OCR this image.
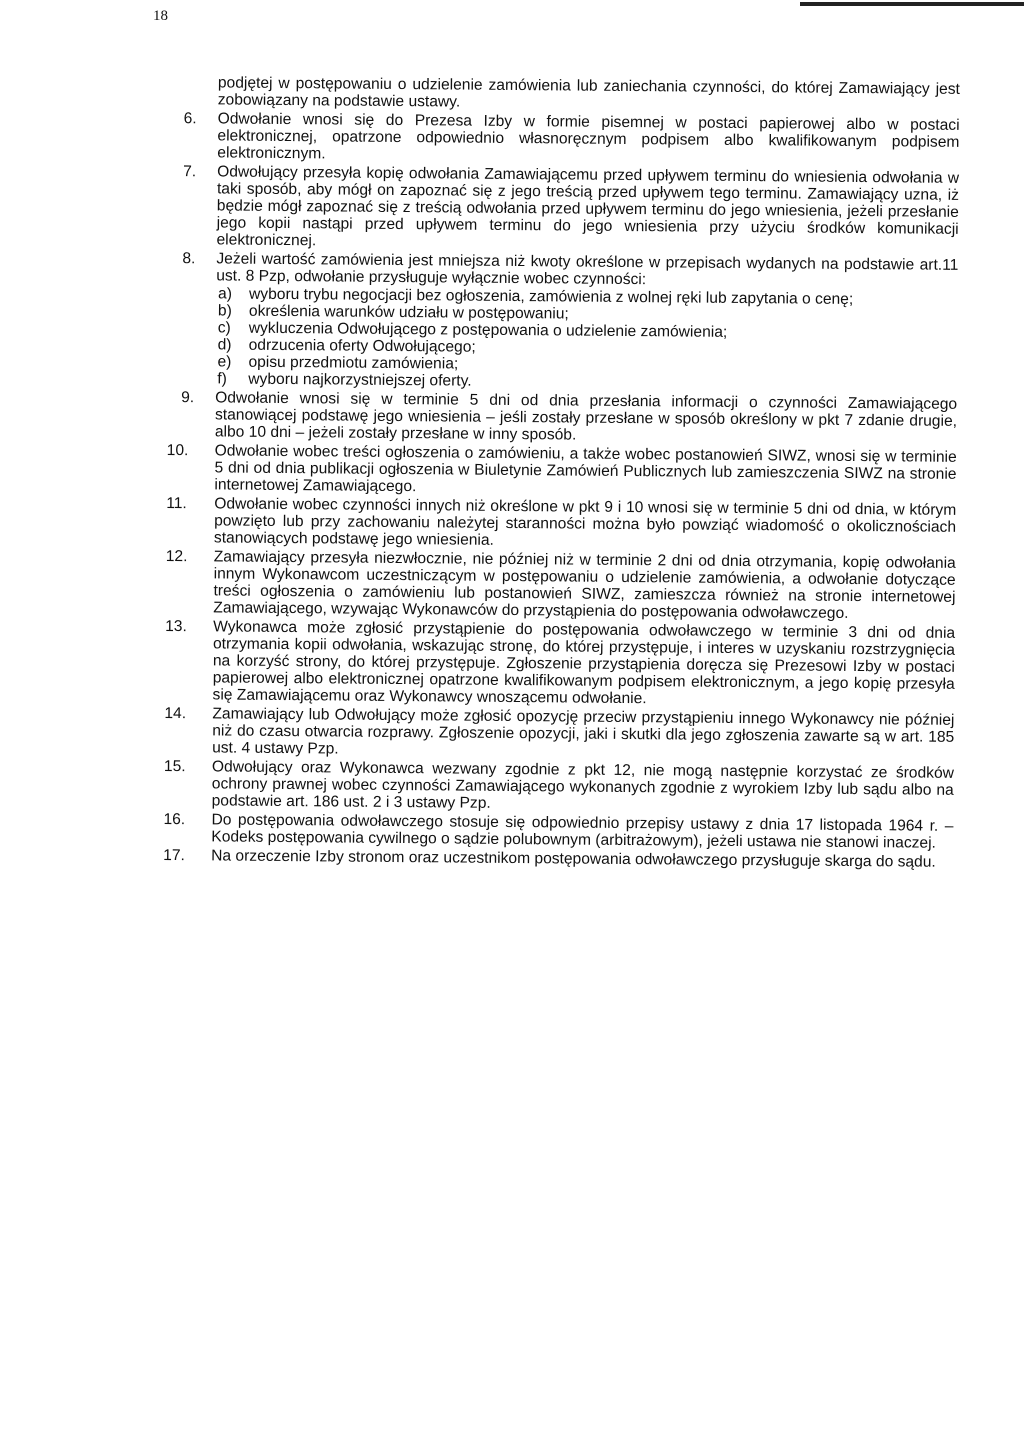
18

podjętej w postępowaniu o udzielenie zamówienia lub zaniechania czynności, do której Zamawiający jest zobowiązany na podstawie ustawy.

6.	Odwołanie wnosi się do Prezesa Izby w formie pisemnej w postaci papierowej albo w postaci elektronicznej, opatrzone odpowiednio własnoręcznym podpisem albo kwalifikowanym podpisem elektronicznym.

7.	Odwołujący przesyła kopię odwołania Zamawiającemu przed upływem terminu do wniesienia odwołania w taki sposób, aby mógł on zapoznać się z jego treścią przed upływem tego terminu. Zamawiający uzna, iż będzie mógł zapoznać się z treścią odwołania przed upływem terminu do jego wniesienia, jeżeli przesłanie jego kopii nastąpi przed upływem terminu do jego wniesienia przy użyciu środków komunikacji elektronicznej.

8.	Jeżeli wartość zamówienia jest mniejsza niż kwoty określone w przepisach wydanych na podstawie art.11 ust. 8 Pzp, odwołanie przysługuje wyłącznie wobec czynności:
a) wyboru trybu negocjacji bez ogłoszenia, zamówienia z wolnej ręki lub zapytania o cenę;
b) określenia warunków udziału w postępowaniu;
c) wykluczenia Odwołującego z postępowania o udzielenie zamówienia;
d) odrzucenia oferty Odwołującego;
e) opisu przedmiotu zamówienia;
f) wyboru najkorzystniejszej oferty.

9.	Odwołanie wnosi się w terminie 5 dni od dnia przesłania informacji o czynności Zamawiającego stanowiącej podstawę jego wniesienia – jeśli zostały przesłane w sposób określony w pkt 7 zdanie drugie, albo 10 dni – jeżeli zostały przesłane w inny sposób.

10.	Odwołanie wobec treści ogłoszenia o zamówieniu, a także wobec postanowień SIWZ, wnosi się w terminie 5 dni od dnia publikacji ogłoszenia w Biuletynie Zamówień Publicznych lub zamieszczenia SIWZ na stronie internetowej Zamawiającego.

11.	Odwołanie wobec czynności innych niż określone w pkt 9 i 10 wnosi się w terminie 5 dni od dnia, w którym powzięto lub przy zachowaniu należytej staranności można było powziąć wiadomość o okolicznościach stanowiących podstawę jego wniesienia.

12.	Zamawiający przesyła niezwłocznie, nie później niż w terminie 2 dni od dnia otrzymania, kopię odwołania innym Wykonawcom uczestniczącym w postępowaniu o udzielenie zamówienia, a odwołanie dotyczące treści ogłoszenia o zamówieniu lub postanowień SIWZ, zamieszcza również na stronie internetowej Zamawiającego, wzywając Wykonawców do przystąpienia do postępowania odwoławczego.

13.	Wykonawca może zgłosić przystąpienie do postępowania odwoławczego w terminie 3 dni od dnia otrzymania kopii odwołania, wskazując stronę, do której przystępuje, i interes w uzyskaniu rozstrzygnięcia na korzyść strony, do której przystępuje. Zgłoszenie przystąpienia doręcza się Prezesowi Izby w postaci papierowej albo elektronicznej opatrzone kwalifikowanym podpisem elektronicznym, a jego kopię przesyła się Zamawiającemu oraz Wykonawcy wnoszącemu odwołanie.

14.	Zamawiający lub Odwołujący może zgłosić opozycję przeciw przystąpieniu innego Wykonawcy nie później niż do czasu otwarcia rozprawy. Zgłoszenie opozycji, jaki i skutki dla jego zgłoszenia zawarte są w art. 185 ust. 4 ustawy Pzp.

15.	Odwołujący oraz Wykonawca wezwany zgodnie z pkt 12, nie mogą następnie korzystać ze środków ochrony prawnej wobec czynności Zamawiającego wykonanych zgodnie z wyrokiem Izby lub sądu albo na podstawie art. 186 ust. 2 i 3 ustawy Pzp.

16.	Do postępowania odwoławczego stosuje się odpowiednio przepisy ustawy z dnia 17 listopada 1964 r. – Kodeks postępowania cywilnego o sądzie polubownym (arbitrażowym), jeżeli ustawa nie stanowi inaczej.

17.	Na orzeczenie Izby stronom oraz uczestnikom postępowania odwoławczego przysługuje skarga do sądu.
